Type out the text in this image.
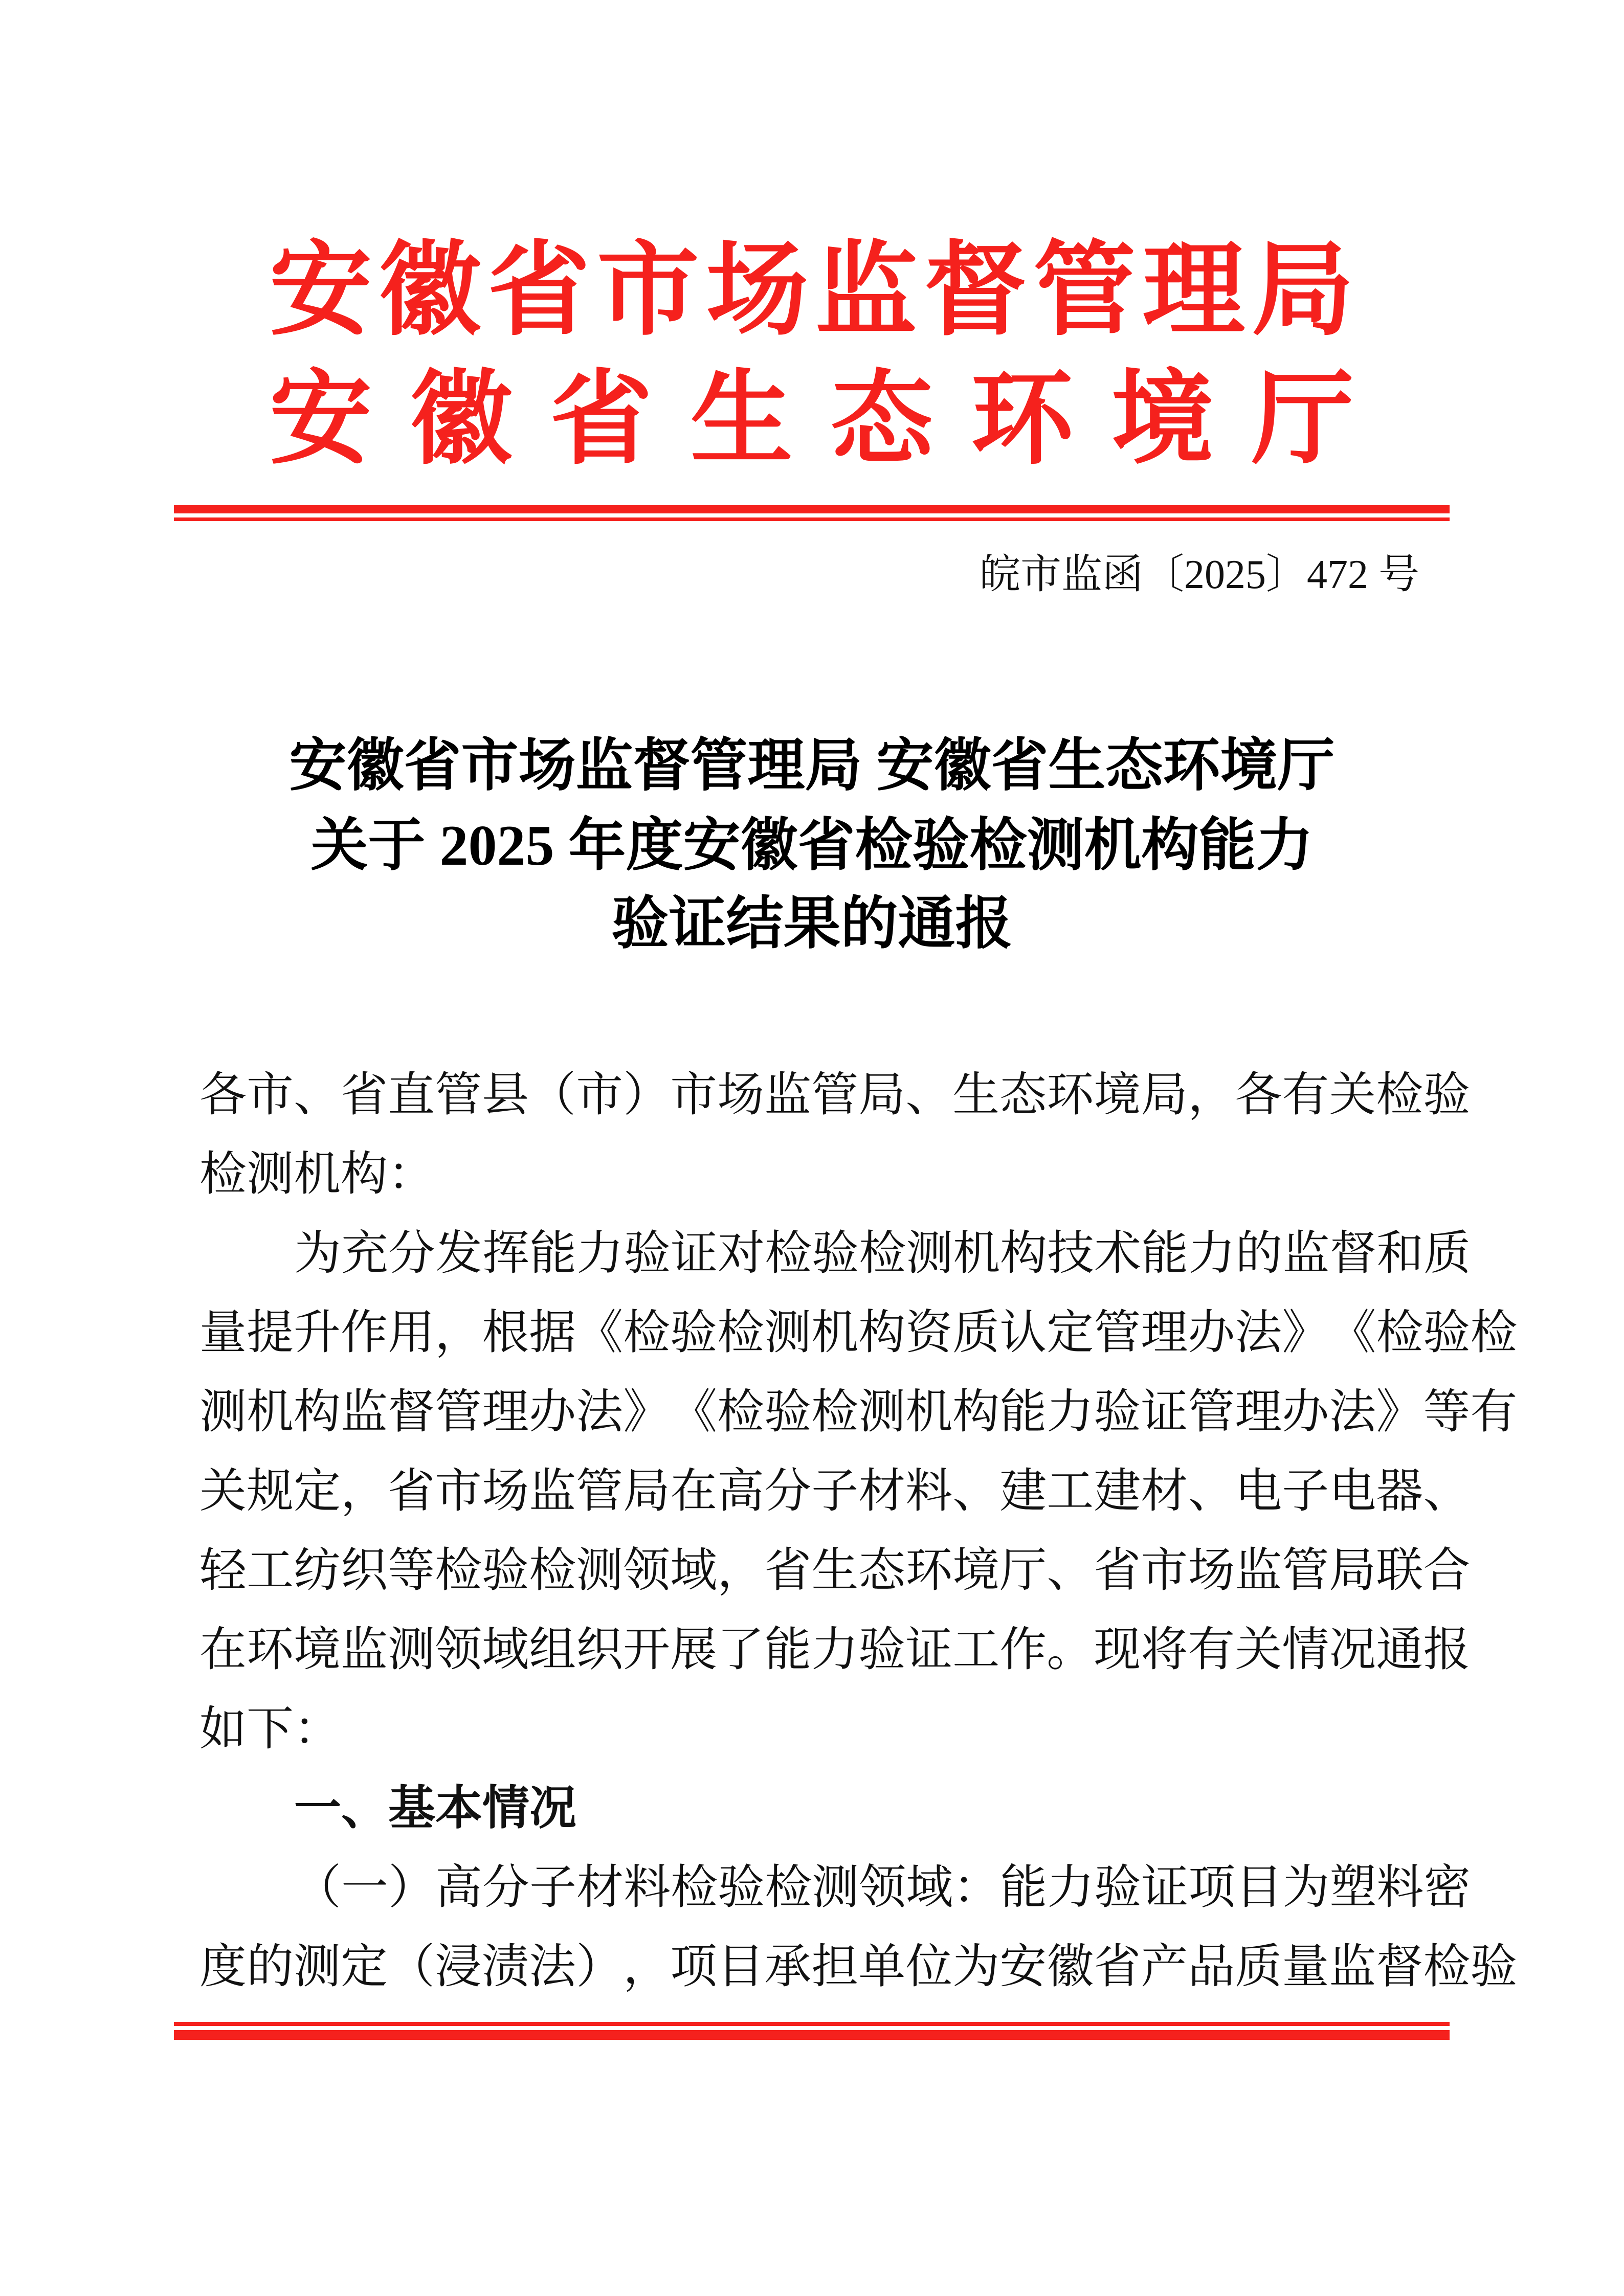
安 徽 省 市 场 监 督 管 理 局
安 徽 省 生 态 环 境 厅
皖市监函〔2025〕472 号
安徽省市场监督管理局 安徽省生态环境厅
关于 2025 年度安徽省检验检测机构能力
验证结果的通报
各 市 、 省 直 管 县 （ 市 ） 市 场 监 管 局 、 生 态 环 境 局 ， 各 有 关 检 验
检测机构：
为 充 分 发 挥 能 力 验 证 对 检 验 检 测 机 构 技 术 能 力 的 监 督 和 质
量 提 升 作 用 ， 根 据 《 检 验 检 测 机 构 资 质 认 定 管 理 办 法 》 《 检 验 检
测 机 构 监 督 管 理 办 法 》 《 检 验 检 测 机 构 能 力 验 证 管 理 办 法 》 等 有
关 规 定 ， 省 市 场 监 管 局 在 高 分 子 材 料 、 建 工 建 材 、 电 子 电 器 、
轻 工 纺 织 等 检 验 检 测 领 域 ， 省 生 态 环 境 厅 、 省 市 场 监 管 局 联 合
在 环 境 监 测 领 域 组 织 开 展 了 能 力 验 证 工 作 。 现 将 有 关 情 况 通 报
如下：
一、基本情况
（ 一 ） 高 分 子 材 料 检 验 检 测 领 域 ： 能 力 验 证 项 目 为 塑 料 密
度 的 测 定 （ 浸 渍 法 ） ， 项 目 承 担 单 位 为 安 徽 省 产 品 质 量 监 督 检 验
